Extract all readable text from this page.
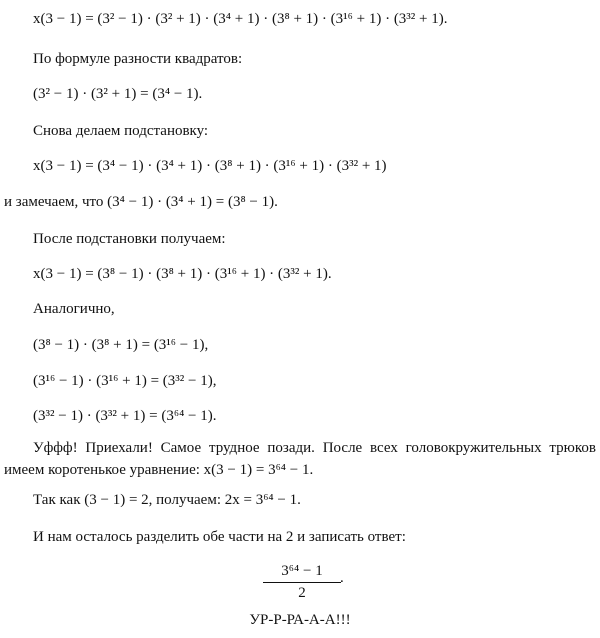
x(3 − 1) = (3² − 1) · (3² + 1) · (3⁴ + 1) · (3⁸ + 1) · (3¹⁶ + 1) · (3³² + 1).
По формуле разности квадратов:
(3² − 1) · (3² + 1) = (3⁴ − 1).
Снова делаем подстановку:
x(3 − 1) = (3⁴ − 1) · (3⁴ + 1) · (3⁸ + 1) · (3¹⁶ + 1) · (3³² + 1)
и замечаем, что (3⁴ − 1) · (3⁴ + 1) = (3⁸ − 1).
После подстановки получаем:
x(3 − 1) = (3⁸ − 1) · (3⁸ + 1) · (3¹⁶ + 1) · (3³² + 1).
Аналогично,
(3⁸ − 1) · (3⁸ + 1) = (3¹⁶ − 1),
(3¹⁶ − 1) · (3¹⁶ + 1) = (3³² − 1),
(3³² − 1) · (3³² + 1) = (3⁶⁴ − 1).
Уффф! Приехали! Самое трудное позади. После всех головокружительных трюков имеем коротенькое уравнение: x(3 − 1) = 3⁶⁴ − 1.
Так как (3 − 1) = 2, получаем: 2x = 3⁶⁴ − 1.
И нам осталось разделить обе части на 2 и записать ответ:
$\frac{\text{3⁶⁴ − 1}}{2}$ .
УР-Р-РА-А-А!!!
